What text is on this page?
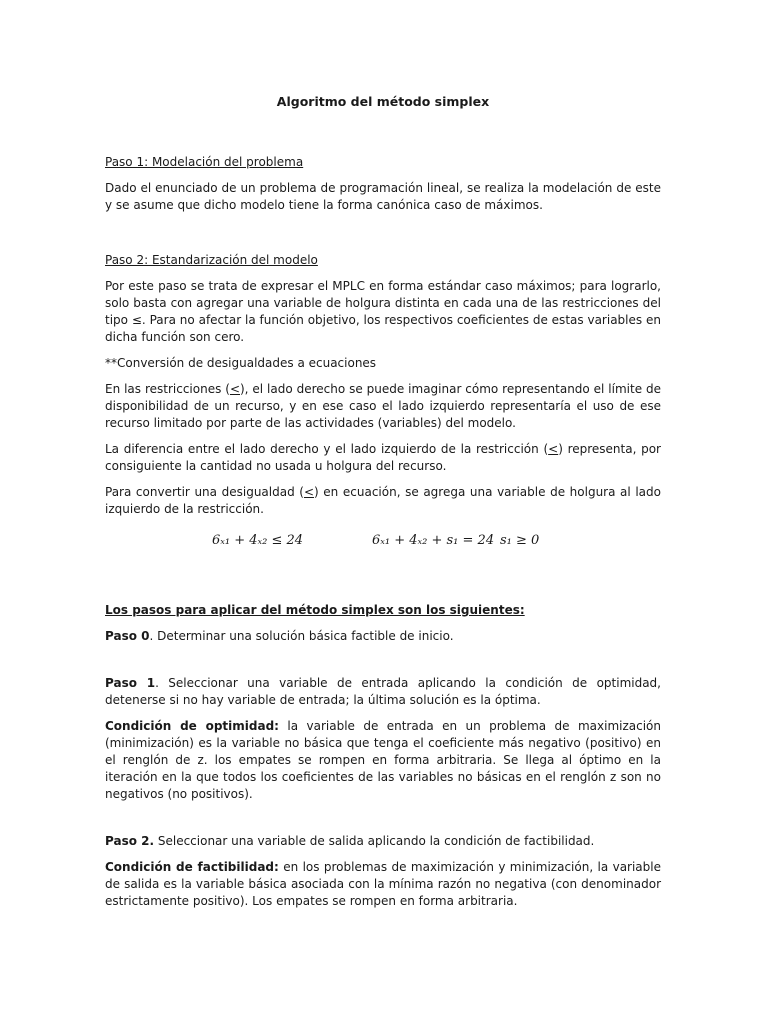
Algoritmo del método simplex
Paso 1: Modelación del problema

Dado el enunciado de un problema de programación lineal, se realiza la modelación de este y se asume que dicho modelo tiene la forma canónica caso de máximos.

Paso 2: Estandarización del modelo

Por este paso se trata de expresar el MPLC en forma estándar caso máximos; para lograrlo, solo basta con agregar una variable de holgura distinta en cada una de las restricciones del tipo ≤. Para no afectar la función objetivo, los respectivos coeficientes de estas variables en dicha función son cero.

**Conversión de desigualdades a ecuaciones

En las restricciones (<), el lado derecho se puede imaginar cómo representando el límite de disponibilidad de un recurso, y en ese caso el lado izquierdo representaría el uso de ese recurso limitado por parte de las actividades (variables) del modelo.

La diferencia entre el lado derecho y el lado izquierdo de la restricción (<) representa, por consiguiente la cantidad no usada u holgura del recurso.

Para convertir una desigualdad (<) en ecuación, se agrega una variable de holgura al lado izquierdo de la restricción.

6ₓ₁ + 4ₓ₂ ≤ 24	6ₓ₁ + 4ₓ₂ + s₁ = 24 s₁ ≥ 0
Los pasos para aplicar del método simplex son los siguientes:

Paso 0. Determinar una solución básica factible de inicio.

Paso 1. Seleccionar una variable de entrada aplicando la condición de optimidad, detenerse si no hay variable de entrada; la última solución es la óptima.

Condición de optimidad: la variable de entrada en un problema de maximización (minimización) es la variable no básica que tenga el coeficiente más negativo (positivo) en el renglón de z. los empates se rompen en forma arbitraria. Se llega al óptimo en la iteración en la que todos los coeficientes de las variables no básicas en el renglón z son no negativos (no positivos).

Paso 2. Seleccionar una variable de salida aplicando la condición de factibilidad.

Condición de factibilidad: en los problemas de maximización y minimización, la variable de salida es la variable básica asociada con la mínima razón no negativa (con denominador estrictamente positivo). Los empates se rompen en forma arbitraria.
